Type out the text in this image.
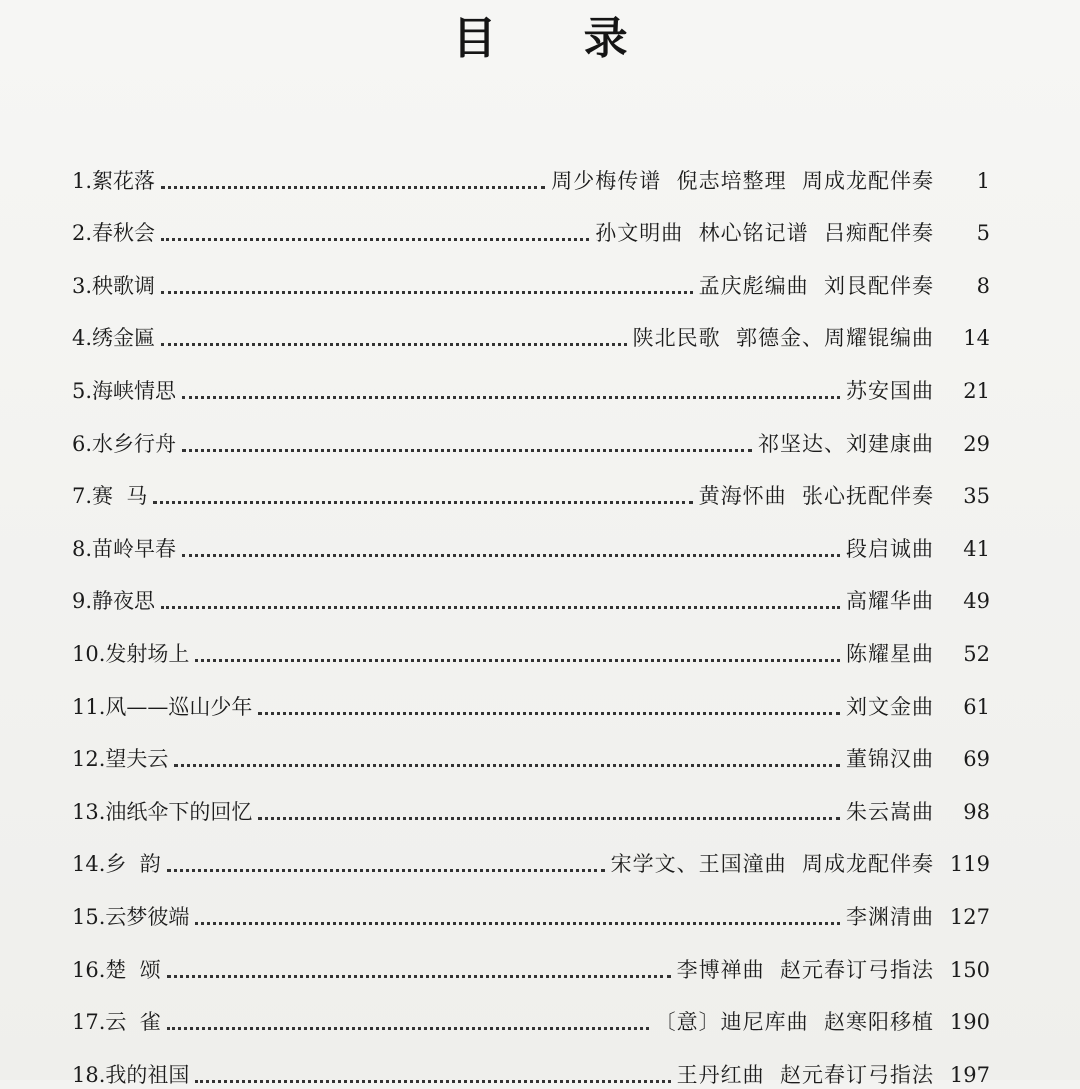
目 录
1. 絮花落	周少梅传谱  倪志培整理  周成龙配伴奏	1
2. 春秋会	孙文明曲  林心铭记谱  吕痴配伴奏	5
3. 秧歌调	孟庆彪编曲  刘艮配伴奏	8
4. 绣金匾	陕北民歌  郭德金、周耀锟编曲	14
5. 海峡情思	苏安国曲	21
6. 水乡行舟	祁坚达、刘建康曲	29
7. 赛  马	黄海怀曲  张心抚配伴奏	35
8. 苗岭早春	段启诚曲	41
9. 静夜思	高耀华曲	49
10. 发射场上	陈耀星曲	52
11. 风——巡山少年	刘文金曲	61
12. 望夫云	董锦汉曲	69
13. 油纸伞下的回忆	朱云嵩曲	98
14. 乡  韵	宋学文、王国潼曲  周成龙配伴奏 119
15. 云梦彼端	李渊清曲 127
16. 楚  颂	李博禅曲  赵元春订弓指法 150
17. 云  雀	〔意〕迪尼库曲  赵寒阳移植 190
18. 我的祖国	王丹红曲  赵元春订弓指法 197
